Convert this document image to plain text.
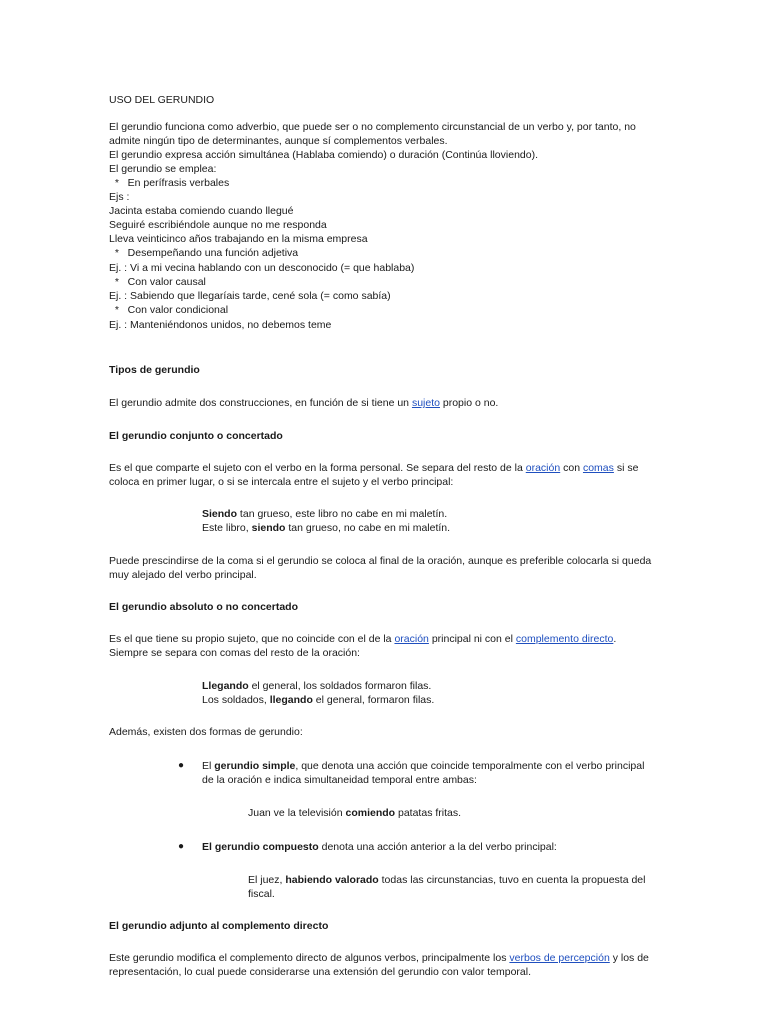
USO DEL GERUNDIO
El gerundio funciona como adverbio, que puede ser o no complemento circunstancial de un verbo y, por tanto, no
admite ningún tipo de determinantes, aunque sí complementos verbales.
El gerundio expresa acción simultánea (Hablaba comiendo) o duración (Continúa lloviendo).
El gerundio se emplea:
*   En perífrasis verbales
Ejs :
Jacinta estaba comiendo cuando llegué
Seguiré escribiéndole aunque no me responda
Lleva veinticinco años trabajando en la misma empresa
*   Desempeñando una función adjetiva
Ej. : Vi a mi vecina hablando con un desconocido (= que hablaba)
*   Con valor causal
Ej. : Sabiendo que llegaríais tarde, cené sola (= como sabía)
*   Con valor condicional
Ej. : Manteniéndonos unidos, no debemos teme
Tipos de gerundio
El gerundio admite dos construcciones, en función de si tiene un sujeto propio o no.
El gerundio conjunto o concertado
Es el que comparte el sujeto con el verbo en la forma personal. Se separa del resto de la oración con comas si se
coloca en primer lugar, o si se intercala entre el sujeto y el verbo principal:
Siendo tan grueso, este libro no cabe en mi maletín.
Este libro, siendo tan grueso, no cabe en mi maletín.
Puede prescindirse de la coma si el gerundio se coloca al final de la oración, aunque es preferible colocarla si queda
muy alejado del verbo principal.
El gerundio absoluto o no concertado
Es el que tiene su propio sujeto, que no coincide con el de la oración principal ni con el complemento directo.
Siempre se separa con comas del resto de la oración:
Llegando el general, los soldados formaron filas.
Los soldados, llegando el general, formaron filas.
Además, existen dos formas de gerundio:
● El gerundio simple, que denota una acción que coincide temporalmente con el verbo principal
de la oración e indica simultaneidad temporal entre ambas:
Juan ve la televisión comiendo patatas fritas.
● El gerundio compuesto denota una acción anterior a la del verbo principal:
El juez, habiendo valorado todas las circunstancias, tuvo en cuenta la propuesta del
fiscal.
El gerundio adjunto al complemento directo
Este gerundio modifica el complemento directo de algunos verbos, principalmente los verbos de percepción y los de
representación, lo cual puede considerarse una extensión del gerundio con valor temporal.
